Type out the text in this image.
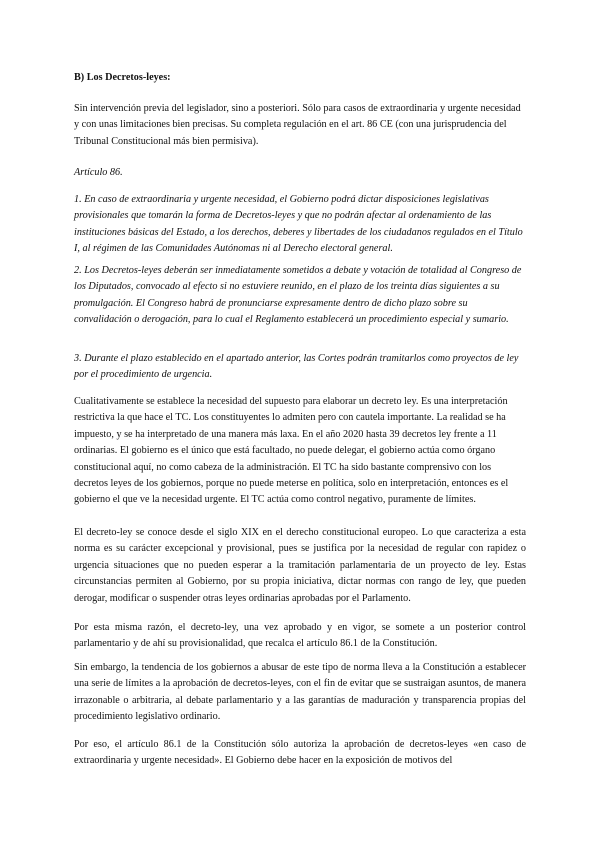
B) Los Decretos-leyes:

Sin intervención previa del legislador, sino a posteriori. Sólo para casos de extraordinaria y urgente necesidad y con unas limitaciones bien precisas. Su completa regulación en el art. 86 CE (con una jurisprudencia del Tribunal Constitucional más bien permisiva).

Artículo 86.

1. En caso de extraordinaria y urgente necesidad, el Gobierno podrá dictar disposiciones legislativas provisionales que tomarán la forma de Decretos-leyes y que no podrán afectar al ordenamiento de las instituciones básicas del Estado, a los derechos, deberes y libertades de los ciudadanos regulados en el Título I, al régimen de las Comunidades Autónomas ni al Derecho electoral general.

2. Los Decretos-leyes deberán ser inmediatamente sometidos a debate y votación de totalidad al Congreso de los Diputados, convocado al efecto si no estuviere reunido, en el plazo de los treinta días siguientes a su promulgación. El Congreso habrá de pronunciarse expresamente dentro de dicho plazo sobre su convalidación o derogación, para lo cual el Reglamento establecerá un procedimiento especial y sumario.

3. Durante el plazo establecido en el apartado anterior, las Cortes podrán tramitarlos como proyectos de ley por el procedimiento de urgencia.

Cualitativamente se establece la necesidad del supuesto para elaborar un decreto ley. Es una interpretación restrictiva la que hace el TC. Los constituyentes lo admiten pero con cautela importante. La realidad se ha impuesto, y se ha interpretado de una manera más laxa. En el año 2020 hasta 39 decretos ley frente a 11 ordinarias. El gobierno es el único que está facultado, no puede delegar, el gobierno actúa como órgano constitucional aquí, no como cabeza de la administración. El TC ha sido bastante comprensivo con los decretos leyes de los gobiernos, porque no puede meterse en política, solo en interpretación, entonces es el gobierno el que ve la necesidad urgente. El TC actúa como control negativo, puramente de límites.

El decreto-ley se conoce desde el siglo XIX en el derecho constitucional europeo. Lo que caracteriza a esta norma es su carácter excepcional y provisional, pues se justifica por la necesidad de regular con rapidez o urgencia situaciones que no pueden esperar a la tramitación parlamentaria de un proyecto de ley. Estas circunstancias permiten al Gobierno, por su propia iniciativa, dictar normas con rango de ley, que pueden derogar, modificar o suspender otras leyes ordinarias aprobadas por el Parlamento.

Por esta misma razón, el decreto-ley, una vez aprobado y en vigor, se somete a un posterior control parlamentario y de ahí su provisionalidad, que recalca el artículo 86.1 de la Constitución.

Sin embargo, la tendencia de los gobiernos a abusar de este tipo de norma lleva a la Constitución a establecer una serie de límites a la aprobación de decretos-leyes, con el fin de evitar que se sustraigan asuntos, de manera irrazonable o arbitraria, al debate parlamentario y a las garantías de maduración y transparencia propias del procedimiento legislativo ordinario.

Por eso, el artículo 86.1 de la Constitución sólo autoriza la aprobación de decretos-leyes «en caso de extraordinaria y urgente necesidad». El Gobierno debe hacer en la exposición de motivos del
